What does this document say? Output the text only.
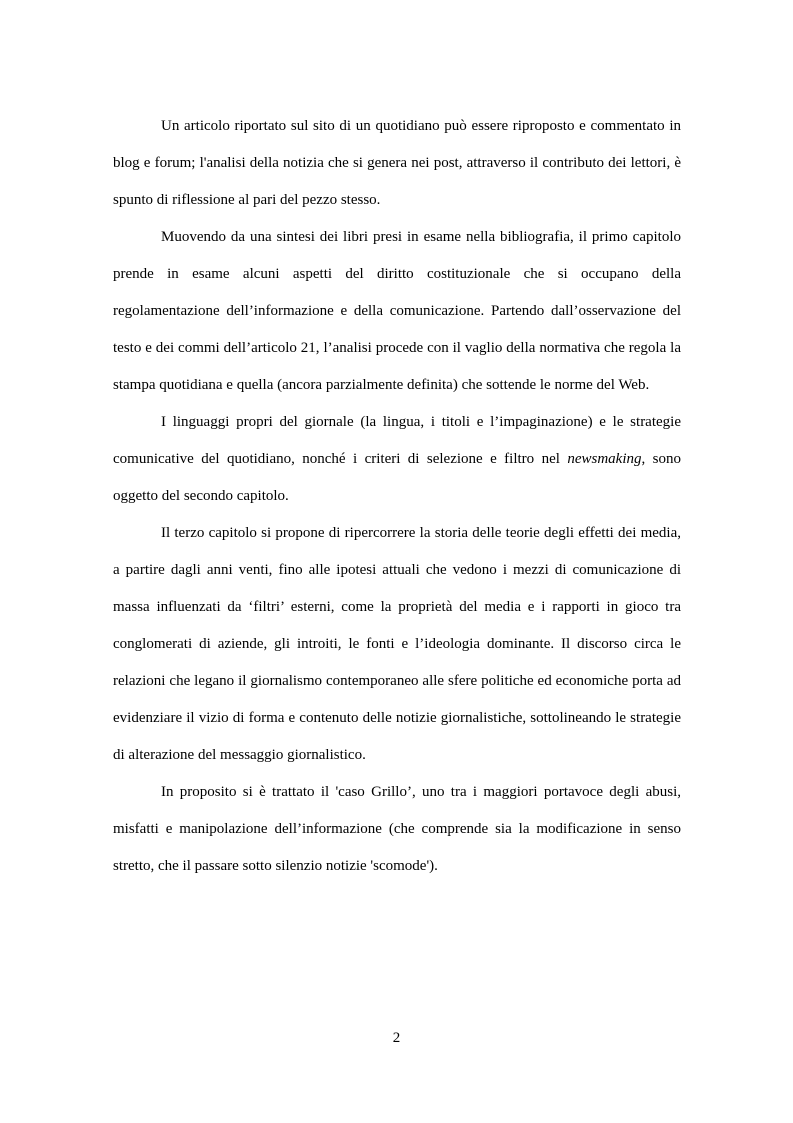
Un articolo riportato sul sito di un quotidiano può essere riproposto e commentato in blog e forum; l'analisi della notizia che si genera nei post, attraverso il contributo dei lettori, è spunto di riflessione al pari del pezzo stesso.

Muovendo da una sintesi dei libri presi in esame nella bibliografia, il primo capitolo prende in esame alcuni aspetti del diritto costituzionale che si occupano della regolamentazione dell’informazione e della comunicazione. Partendo dall’osservazione del testo e dei commi dell’articolo 21, l’analisi procede con il vaglio della normativa che regola la stampa quotidiana e quella (ancora parzialmente definita) che sottende le norme del Web.

I linguaggi propri del giornale (la lingua, i titoli e l’impaginazione) e le strategie comunicative del quotidiano, nonché i criteri di selezione e filtro nel newsmaking, sono oggetto del secondo capitolo.

Il terzo capitolo si propone di ripercorrere la storia delle teorie degli effetti dei media, a partire dagli anni venti, fino alle ipotesi attuali che vedono i mezzi di comunicazione di massa influenzati da ‘filtri’ esterni, come la proprietà del media e i rapporti in gioco tra conglomerati di aziende, gli introiti, le fonti e l’ideologia dominante. Il discorso circa le relazioni che legano il giornalismo contemporaneo alle sfere politiche ed economiche porta ad evidenziare il vizio di forma e contenuto delle notizie giornalistiche, sottolineando le strategie di alterazione del messaggio giornalistico.

In proposito si è trattato il 'caso Grillo’, uno tra i maggiori portavoce degli abusi, misfatti e manipolazione dell’informazione (che comprende sia la modificazione in senso stretto, che il passare sotto silenzio notizie 'scomode').

2
